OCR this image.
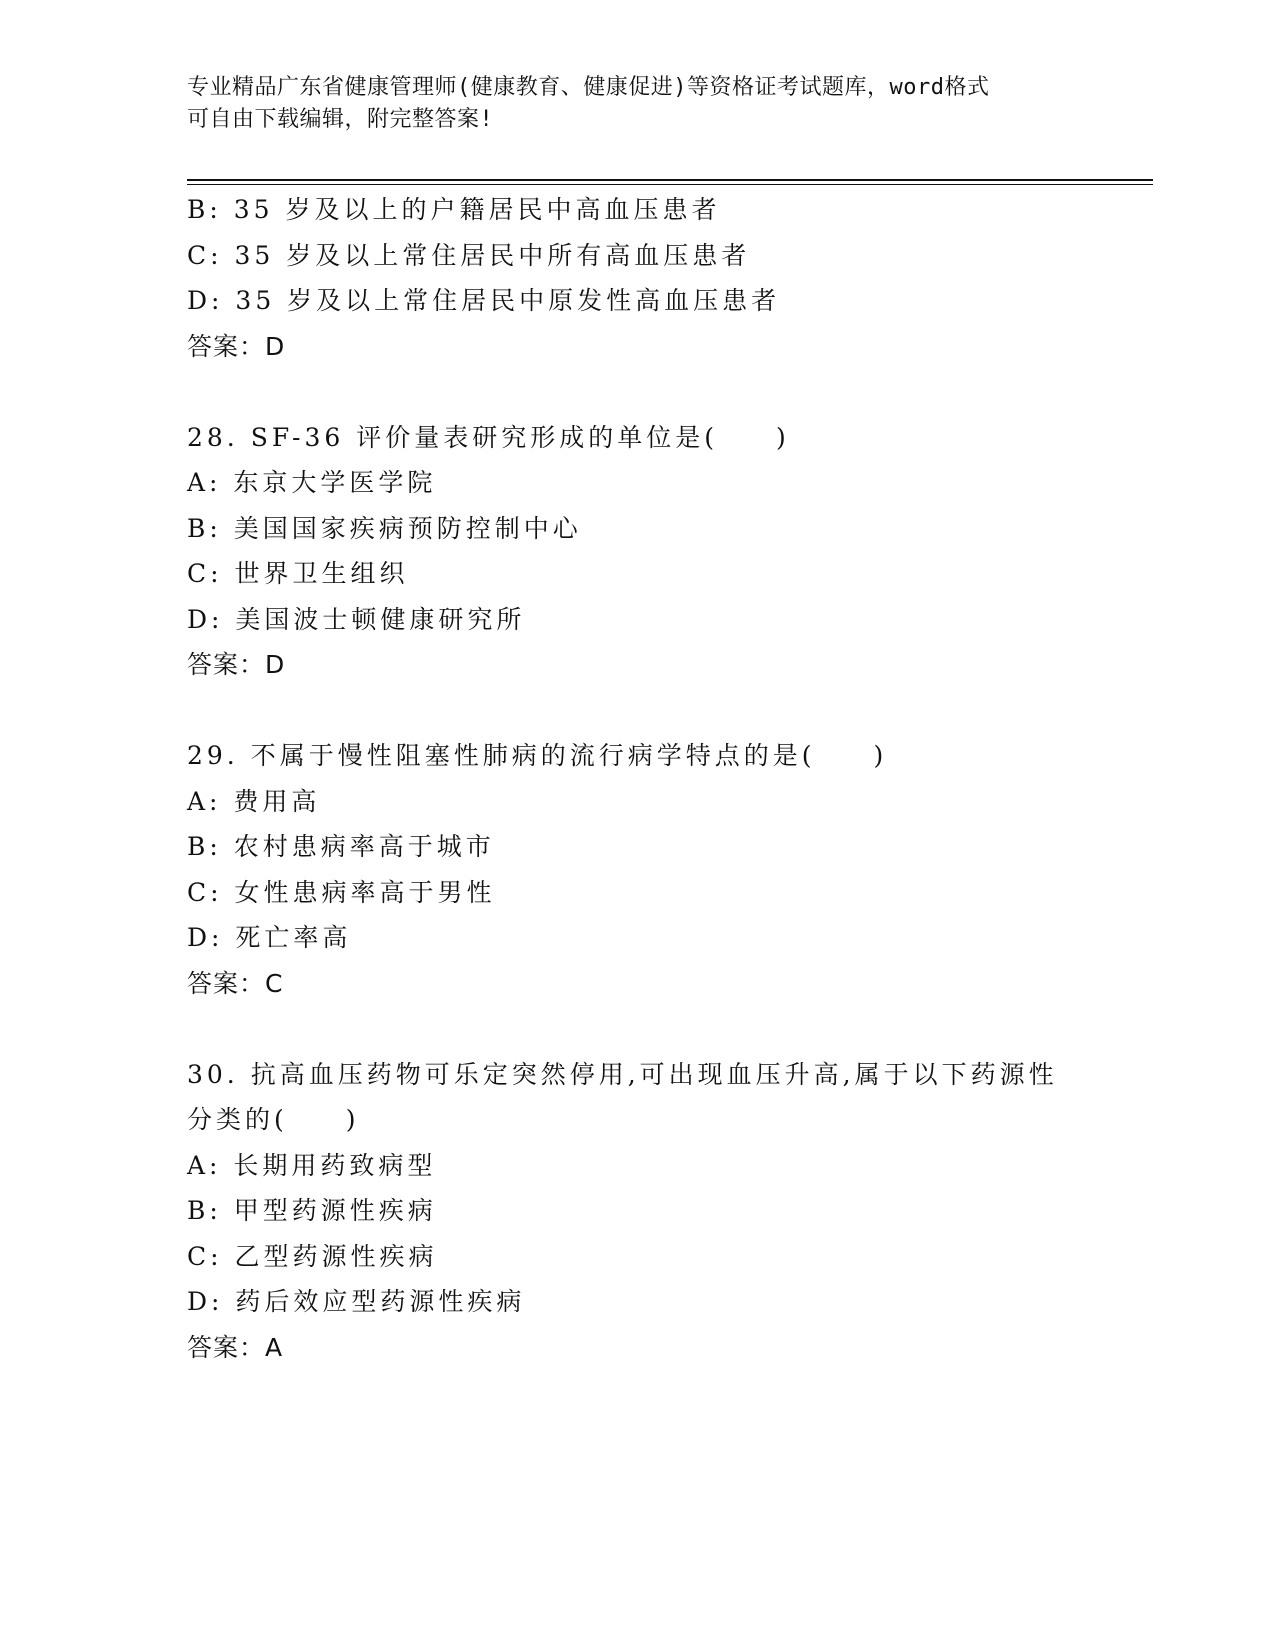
专业精品广东省健康管理师(健康教育、健康促进)等资格证考试题库，word格式
可自由下载编辑，附完整答案!
B: 35 岁及以上的户籍居民中高血压患者
C: 35 岁及以上常住居民中所有高血压患者
D: 35 岁及以上常住居民中原发性高血压患者
答案：D
28. SF-36 评价量表研究形成的单位是(　　)
A: 东京大学医学院
B: 美国国家疾病预防控制中心
C: 世界卫生组织
D: 美国波士顿健康研究所
答案：D
29. 不属于慢性阻塞性肺病的流行病学特点的是(　　)
A: 费用高
B: 农村患病率高于城市
C: 女性患病率高于男性
D: 死亡率高
答案：C
30. 抗高血压药物可乐定突然停用,可出现血压升高,属于以下药源性
分类的(　　)
A: 长期用药致病型
B: 甲型药源性疾病
C: 乙型药源性疾病
D: 药后效应型药源性疾病
答案：A
